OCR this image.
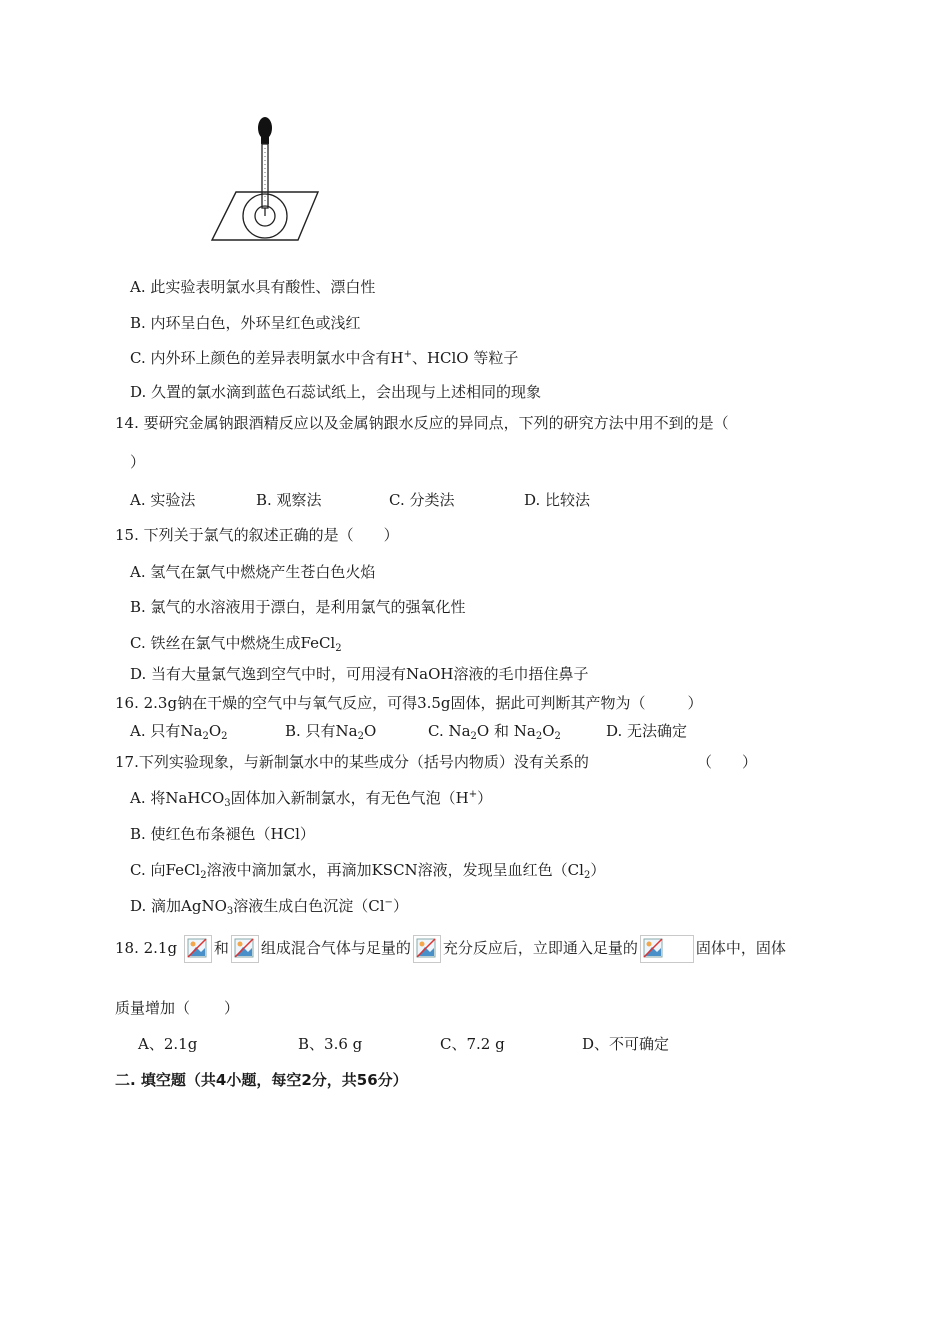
A. 此实验表明氯水具有酸性、漂白性
B. 内环呈白色，外环呈红色或浅红
C. 内外环上颜色的差异表明氯水中含有H+、HClO 等粒子
D. 久置的氯水滴到蓝色石蕊试纸上，会出现与上述相同的现象
14. 要研究金属钠跟酒精反应以及金属钠跟水反应的异同点，下列的研究方法中用不到的是（
）
A. 实验法	B. 观察法	C. 分类法	D. 比较法
15. 下列关于氯气的叙述正确的是（ ）
A. 氢气在氯气中燃烧产生苍白色火焰
B. 氯气的水溶液用于漂白，是利用氯气的强氧化性
C. 铁丝在氯气中燃烧生成FeCl$_2$
D. 当有大量氯气逸到空气中时，可用浸有NaOH溶液的毛巾捂住鼻子
16. 2.3g钠在干燥的空气中与氧气反应，可得3.5g固体，据此可判断其产物为（	）
A. 只有$Na_2O_2$	B. 只有$Na_2O$	C. $Na_2O$ 和 $Na_2O_2$	D. 无法确定
17.下列实验现象，与新制氯水中的某些成分（括号内物质）没有关系的	（　　）
A. 将NaHCO$_3$固体加入新制氯水，有无色气泡（H+）
B. 使红色布条褪色（HCl）
C. 向FeCl$_2$溶液中滴加氯水，再滴加KSCN溶液，发现呈血红色$(Cl_2)$
D. 滴加AgNO$_3$溶液生成白色沉淀（Cl−）
18. 2.1g 和 组成混合气体与足量的 充分反应后，立即通入足量的	固体中，固体
质量增加（ ）
A、2.1g	B、3.6 g	C、7.2 g	D、不可确定
二. 填空题（共4小题，每空2分，共56分）
